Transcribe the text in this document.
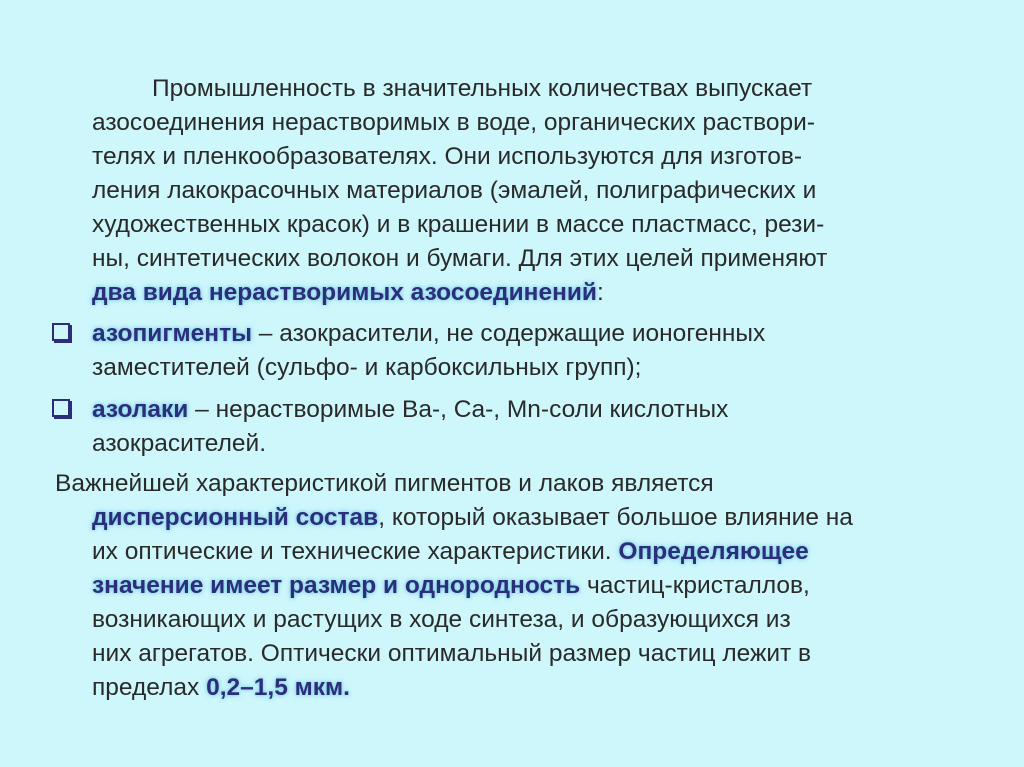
Промышленность в значительных количествах выпускает
азосоединения нерастворимых в воде, органических раствори-
телях и пленкообразователях. Они используются для изготов-
ления лакокрасочных материалов (эмалей, полиграфических и
художественных красок) и в крашении в массе пластмасс, рези-
ны, синтетических волокон и бумаги. Для этих целей применяют
два вида нерастворимых азосоединений:
азопигменты – азокрасители, не содержащие ионогенных
заместителей (сульфо- и карбоксильных групп);
азолаки – нерастворимые Ba-, Ca-, Mn-соли кислотных
азокрасителей.
Важнейшей характеристикой пигментов и лаков является
дисперсионный состав, который оказывает большое влияние на
их оптические и технические характеристики. Определяющее
значение имеет размер и однородность частиц-кристаллов,
возникающих и растущих в ходе синтеза, и образующихся из
них агрегатов. Оптически оптимальный размер частиц лежит в
пределах 0,2–1,5 мкм.
